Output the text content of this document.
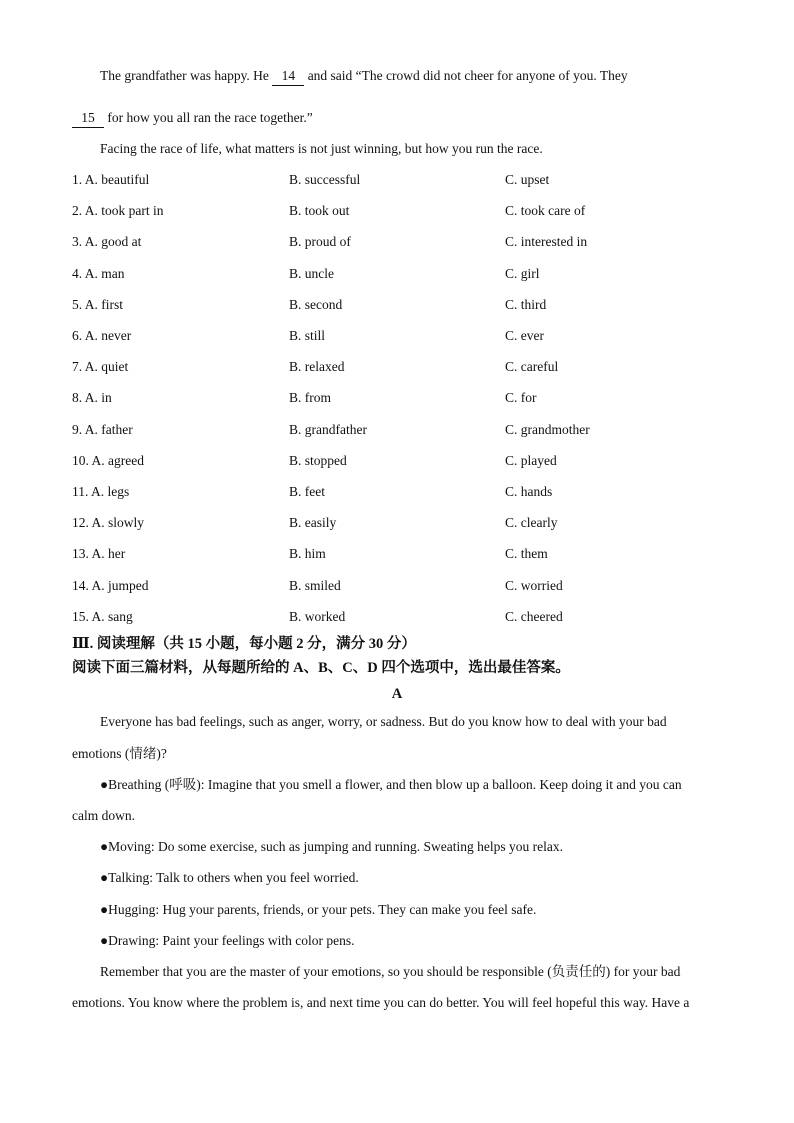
The grandfather was happy. He 14 and said “The crowd did not cheer for anyone of you. They
15 for how you all ran the race together.”
Facing the race of life, what matters is not just winning, but how you run the race.
1. A. beautiful	B. successful	C. upset
2. A. took part in	B. took out	C. took care of
3. A. good at	B. proud of	C. interested in
4. A. man	B. uncle	C. girl
5. A. first	B. second	C. third
6. A. never	B. still	C. ever
7. A. quiet	B. relaxed	C. careful
8. A. in	B. from	C. for
9. A. father	B. grandfather	C. grandmother
10. A. agreed	B. stopped	C. played
11. A. legs	B. feet	C. hands
12. A. slowly	B. easily	C. clearly
13. A. her	B. him	C. them
14. A. jumped	B. smiled	C. worried
15. A. sang	B. worked	C. cheered
Ⅲ. 阅读理解（共 15 小题，每小题 2 分，满分 30 分）
阅读下面三篇材料，从每题所给的 A、B、C、D 四个选项中，选出最佳答案。
A
Everyone has bad feelings, such as anger, worry, or sadness. But do you know how to deal with your bad
emotions (情绪)?
●Breathing (呼吸): Imagine that you smell a flower, and then blow up a balloon. Keep doing it and you can
calm down.
●Moving: Do some exercise, such as jumping and running. Sweating helps you relax.
●Talking: Talk to others when you feel worried.
●Hugging: Hug your parents, friends, or your pets. They can make you feel safe.
●Drawing: Paint your feelings with color pens.
Remember that you are the master of your emotions, so you should be responsible (负责任的) for your bad
emotions. You know where the problem is, and next time you can do better. You will feel hopeful this way. Have a
